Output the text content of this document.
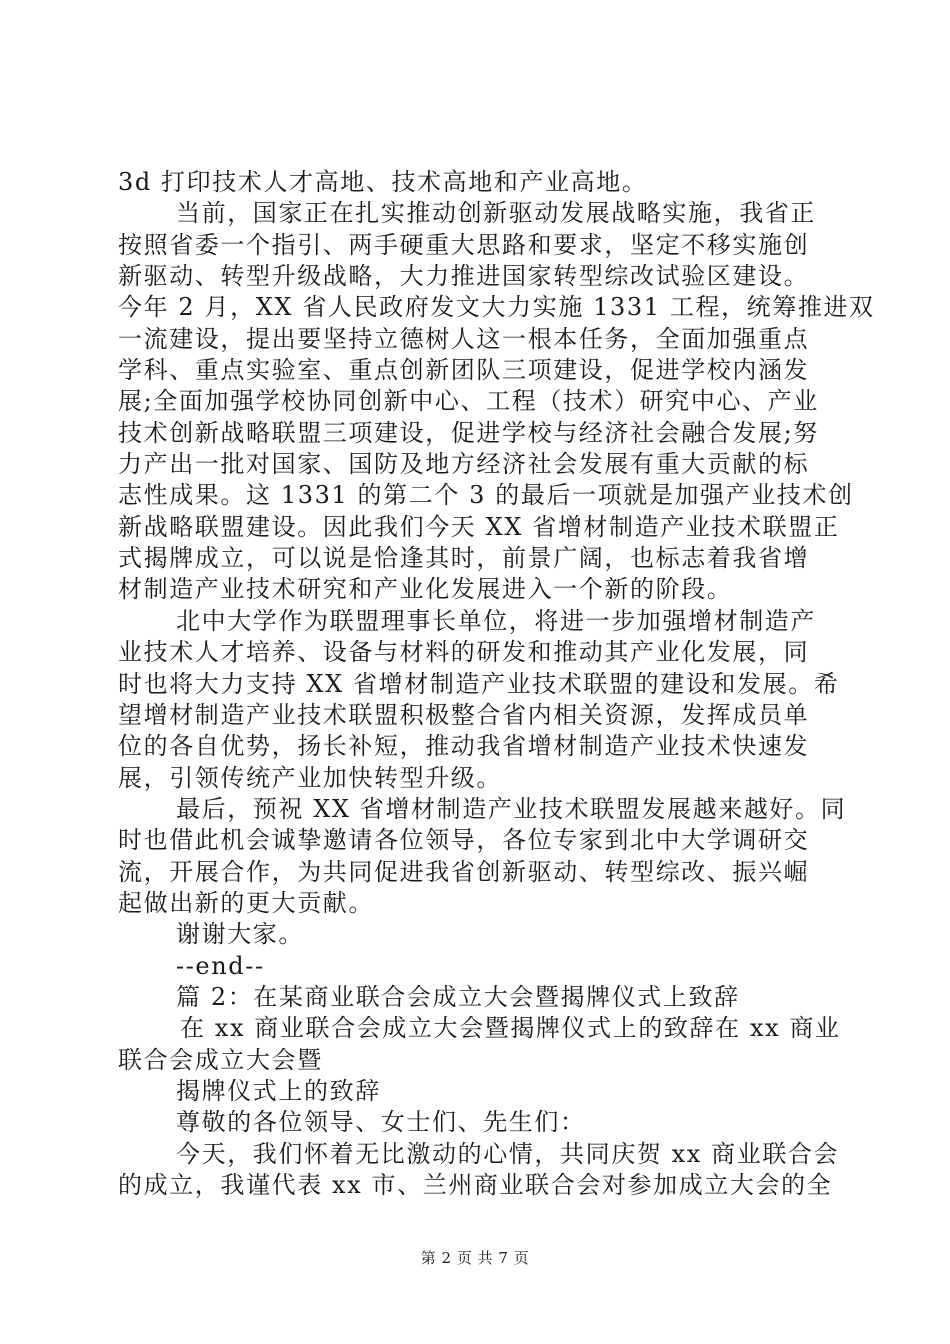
3d 打印技术人才高地、技术高地和产业高地。
当前，国家正在扎实推动创新驱动发展战略实施，我省正
按照省委一个指引、两手硬重大思路和要求，坚定不移实施创
新驱动、转型升级战略，大力推进国家转型综改试验区建设。
今年 2 月，XX 省人民政府发文大力实施 1331 工程，统筹推进双
一流建设，提出要坚持立德树人这一根本任务，全面加强重点
学科、重点实验室、重点创新团队三项建设，促进学校内涵发
展;全面加强学校协同创新中心、工程（技术）研究中心、产业
技术创新战略联盟三项建设，促进学校与经济社会融合发展;努
力产出一批对国家、国防及地方经济社会发展有重大贡献的标
志性成果。这 1331 的第二个 3 的最后一项就是加强产业技术创
新战略联盟建设。因此我们今天 XX 省增材制造产业技术联盟正
式揭牌成立，可以说是恰逢其时，前景广阔，也标志着我省增
材制造产业技术研究和产业化发展进入一个新的阶段。
北中大学作为联盟理事长单位，将进一步加强增材制造产
业技术人才培养、设备与材料的研发和推动其产业化发展，同
时也将大力支持 XX 省增材制造产业技术联盟的建设和发展。希
望增材制造产业技术联盟积极整合省内相关资源，发挥成员单
位的各自优势，扬长补短，推动我省增材制造产业技术快速发
展，引领传统产业加快转型升级。
最后，预祝 XX 省增材制造产业技术联盟发展越来越好。同
时也借此机会诚挚邀请各位领导，各位专家到北中大学调研交
流，开展合作，为共同促进我省创新驱动、转型综改、振兴崛
起做出新的更大贡献。
谢谢大家。
--end--
篇 2：在某商业联合会成立大会暨揭牌仪式上致辞
在 xx 商业联合会成立大会暨揭牌仪式上的致辞在 xx 商业
联合会成立大会暨
揭牌仪式上的致辞
尊敬的各位领导、女士们、先生们：
今天，我们怀着无比激动的心情，共同庆贺 xx 商业联合会
的成立，我谨代表 xx 市、兰州商业联合会对参加成立大会的全
第 2 页 共 7 页
